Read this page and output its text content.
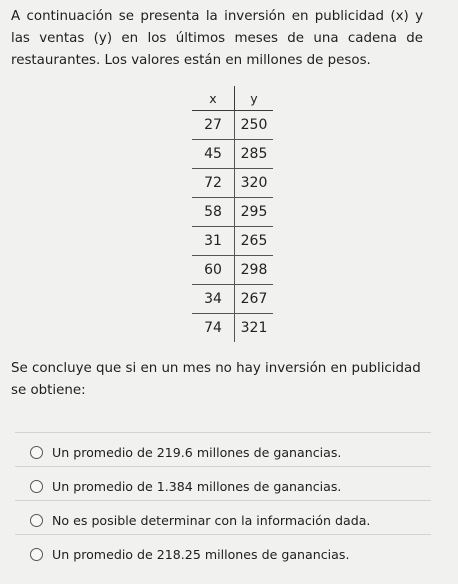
A continuación se presenta la inversión en publicidad (x) y las ventas (y) en los últimos meses de una cadena de restaurantes. Los valores están en millones de pesos.
x	y
27	250
45	285
72	320
58	295
31	265
60	298
34	267
74	321
Se concluye que si en un mes no hay inversión en publicidad se obtiene:
Un promedio de 219.6 millones de ganancias.
Un promedio de 1.384 millones de ganancias.
No es posible determinar con la información dada.
Un promedio de 218.25 millones de ganancias.
